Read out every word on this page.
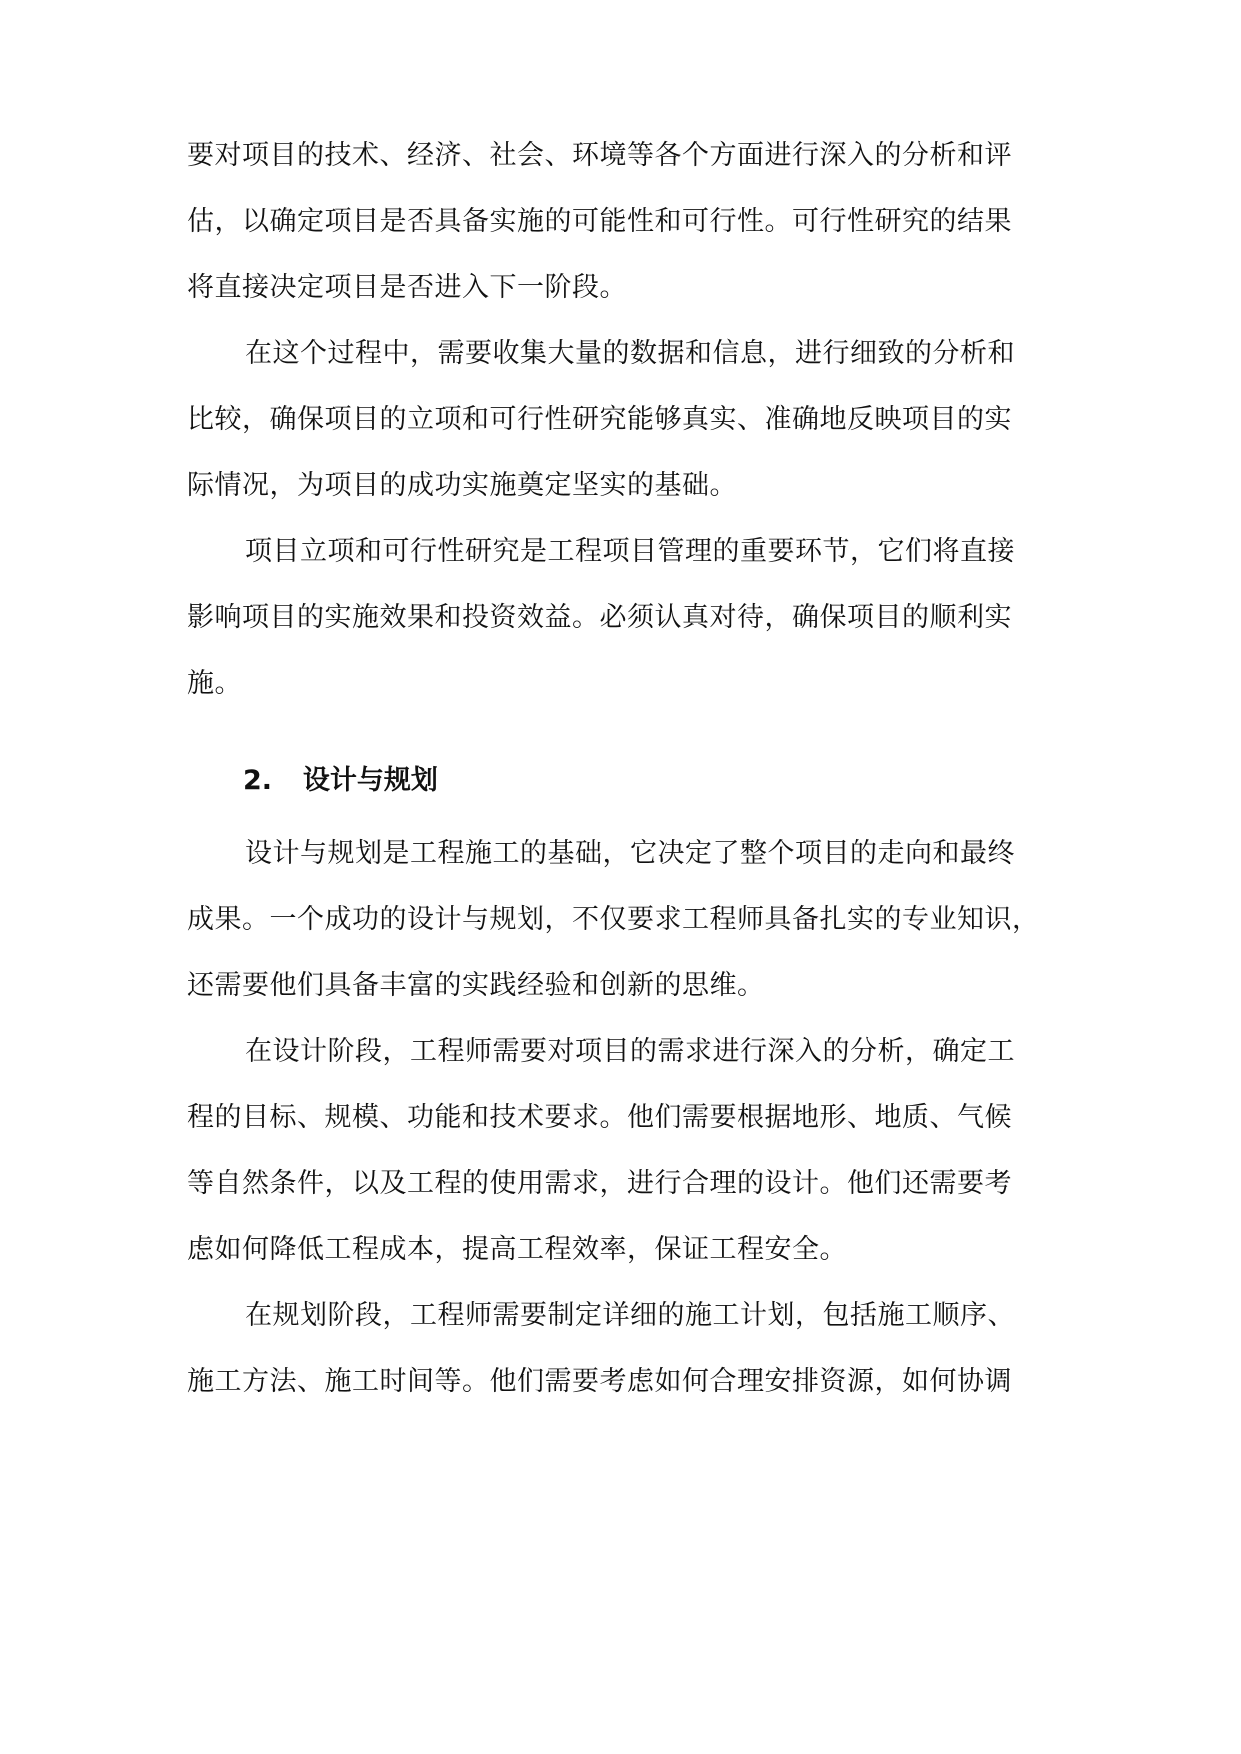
要对项目的技术、经济、社会、环境等各个方面进行深入的分析和评
估，以确定项目是否具备实施的可能性和可行性。可行性研究的结果
将直接决定项目是否进入下一阶段。
在这个过程中，需要收集大量的数据和信息，进行细致的分析和
比较，确保项目的立项和可行性研究能够真实、准确地反映项目的实
际情况，为项目的成功实施奠定坚实的基础。
项目立项和可行性研究是工程项目管理的重要环节，它们将直接
影响项目的实施效果和投资效益。必须认真对待，确保项目的顺利实
施。
2. 设计与规划
设计与规划是工程施工的基础，它决定了整个项目的走向和最终
成果。一个成功的设计与规划，不仅要求工程师具备扎实的专业知识，
还需要他们具备丰富的实践经验和创新的思维。
在设计阶段，工程师需要对项目的需求进行深入的分析，确定工
程的目标、规模、功能和技术要求。他们需要根据地形、地质、气候
等自然条件，以及工程的使用需求，进行合理的设计。他们还需要考
虑如何降低工程成本，提高工程效率，保证工程安全。
在规划阶段，工程师需要制定详细的施工计划，包括施工顺序、
施工方法、施工时间等。他们需要考虑如何合理安排资源，如何协调
